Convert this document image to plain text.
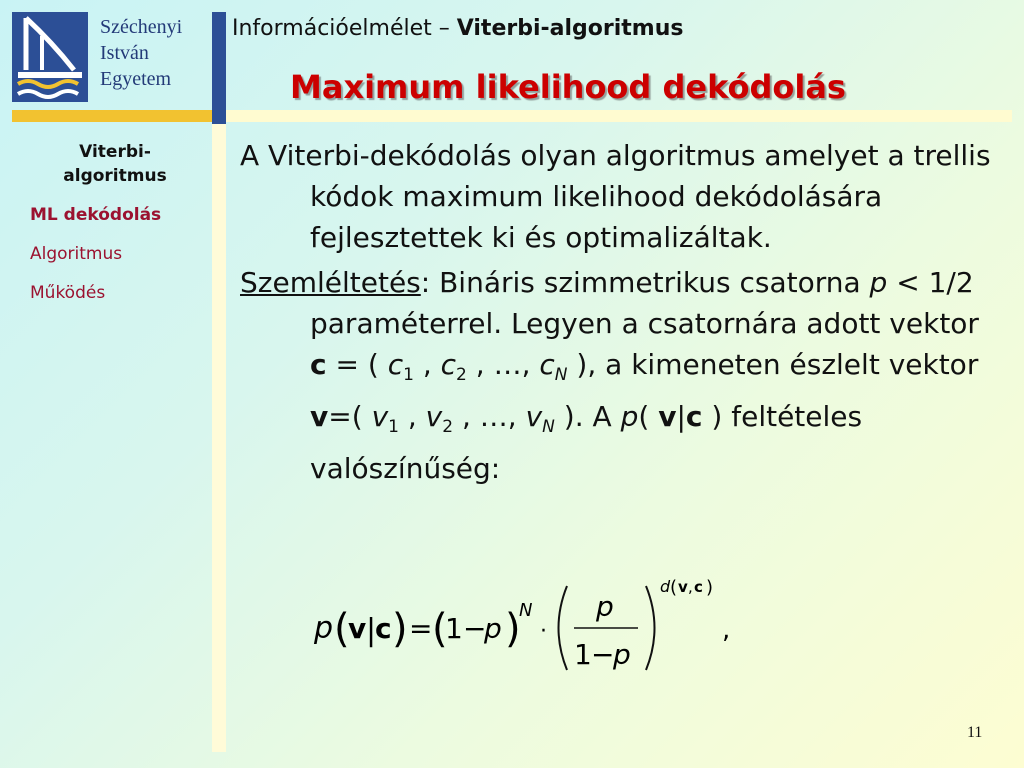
Széchenyi
István
Egyetem
Információelmélet – Viterbi-algoritmus
Maximum likelihood dekódolás
Viterbi-algoritmus
ML dekódolás
Algoritmus
Működés
A Viterbi-dekódolás olyan algoritmus amelyet a trellis kódok maximum likelihood dekódolására fejlesztettek ki és optimalizáltak.
Szemléltetés: Bináris szimmetrikus csatorna p < 1/2 paraméterrel. Legyen a csatornára adott vektor c = ( $c_1$ , $c_2$ , …, $c_N$ ), a kimeneten észlelt vektor v=( $v_1$ , $v_2$ , …, $v_N$ ). A p( v|c ) feltételes valószínűség:
p (
v |
c ) = (
1 −
p )
N
·
p
1 −
p
d ( v , c )
,
11
